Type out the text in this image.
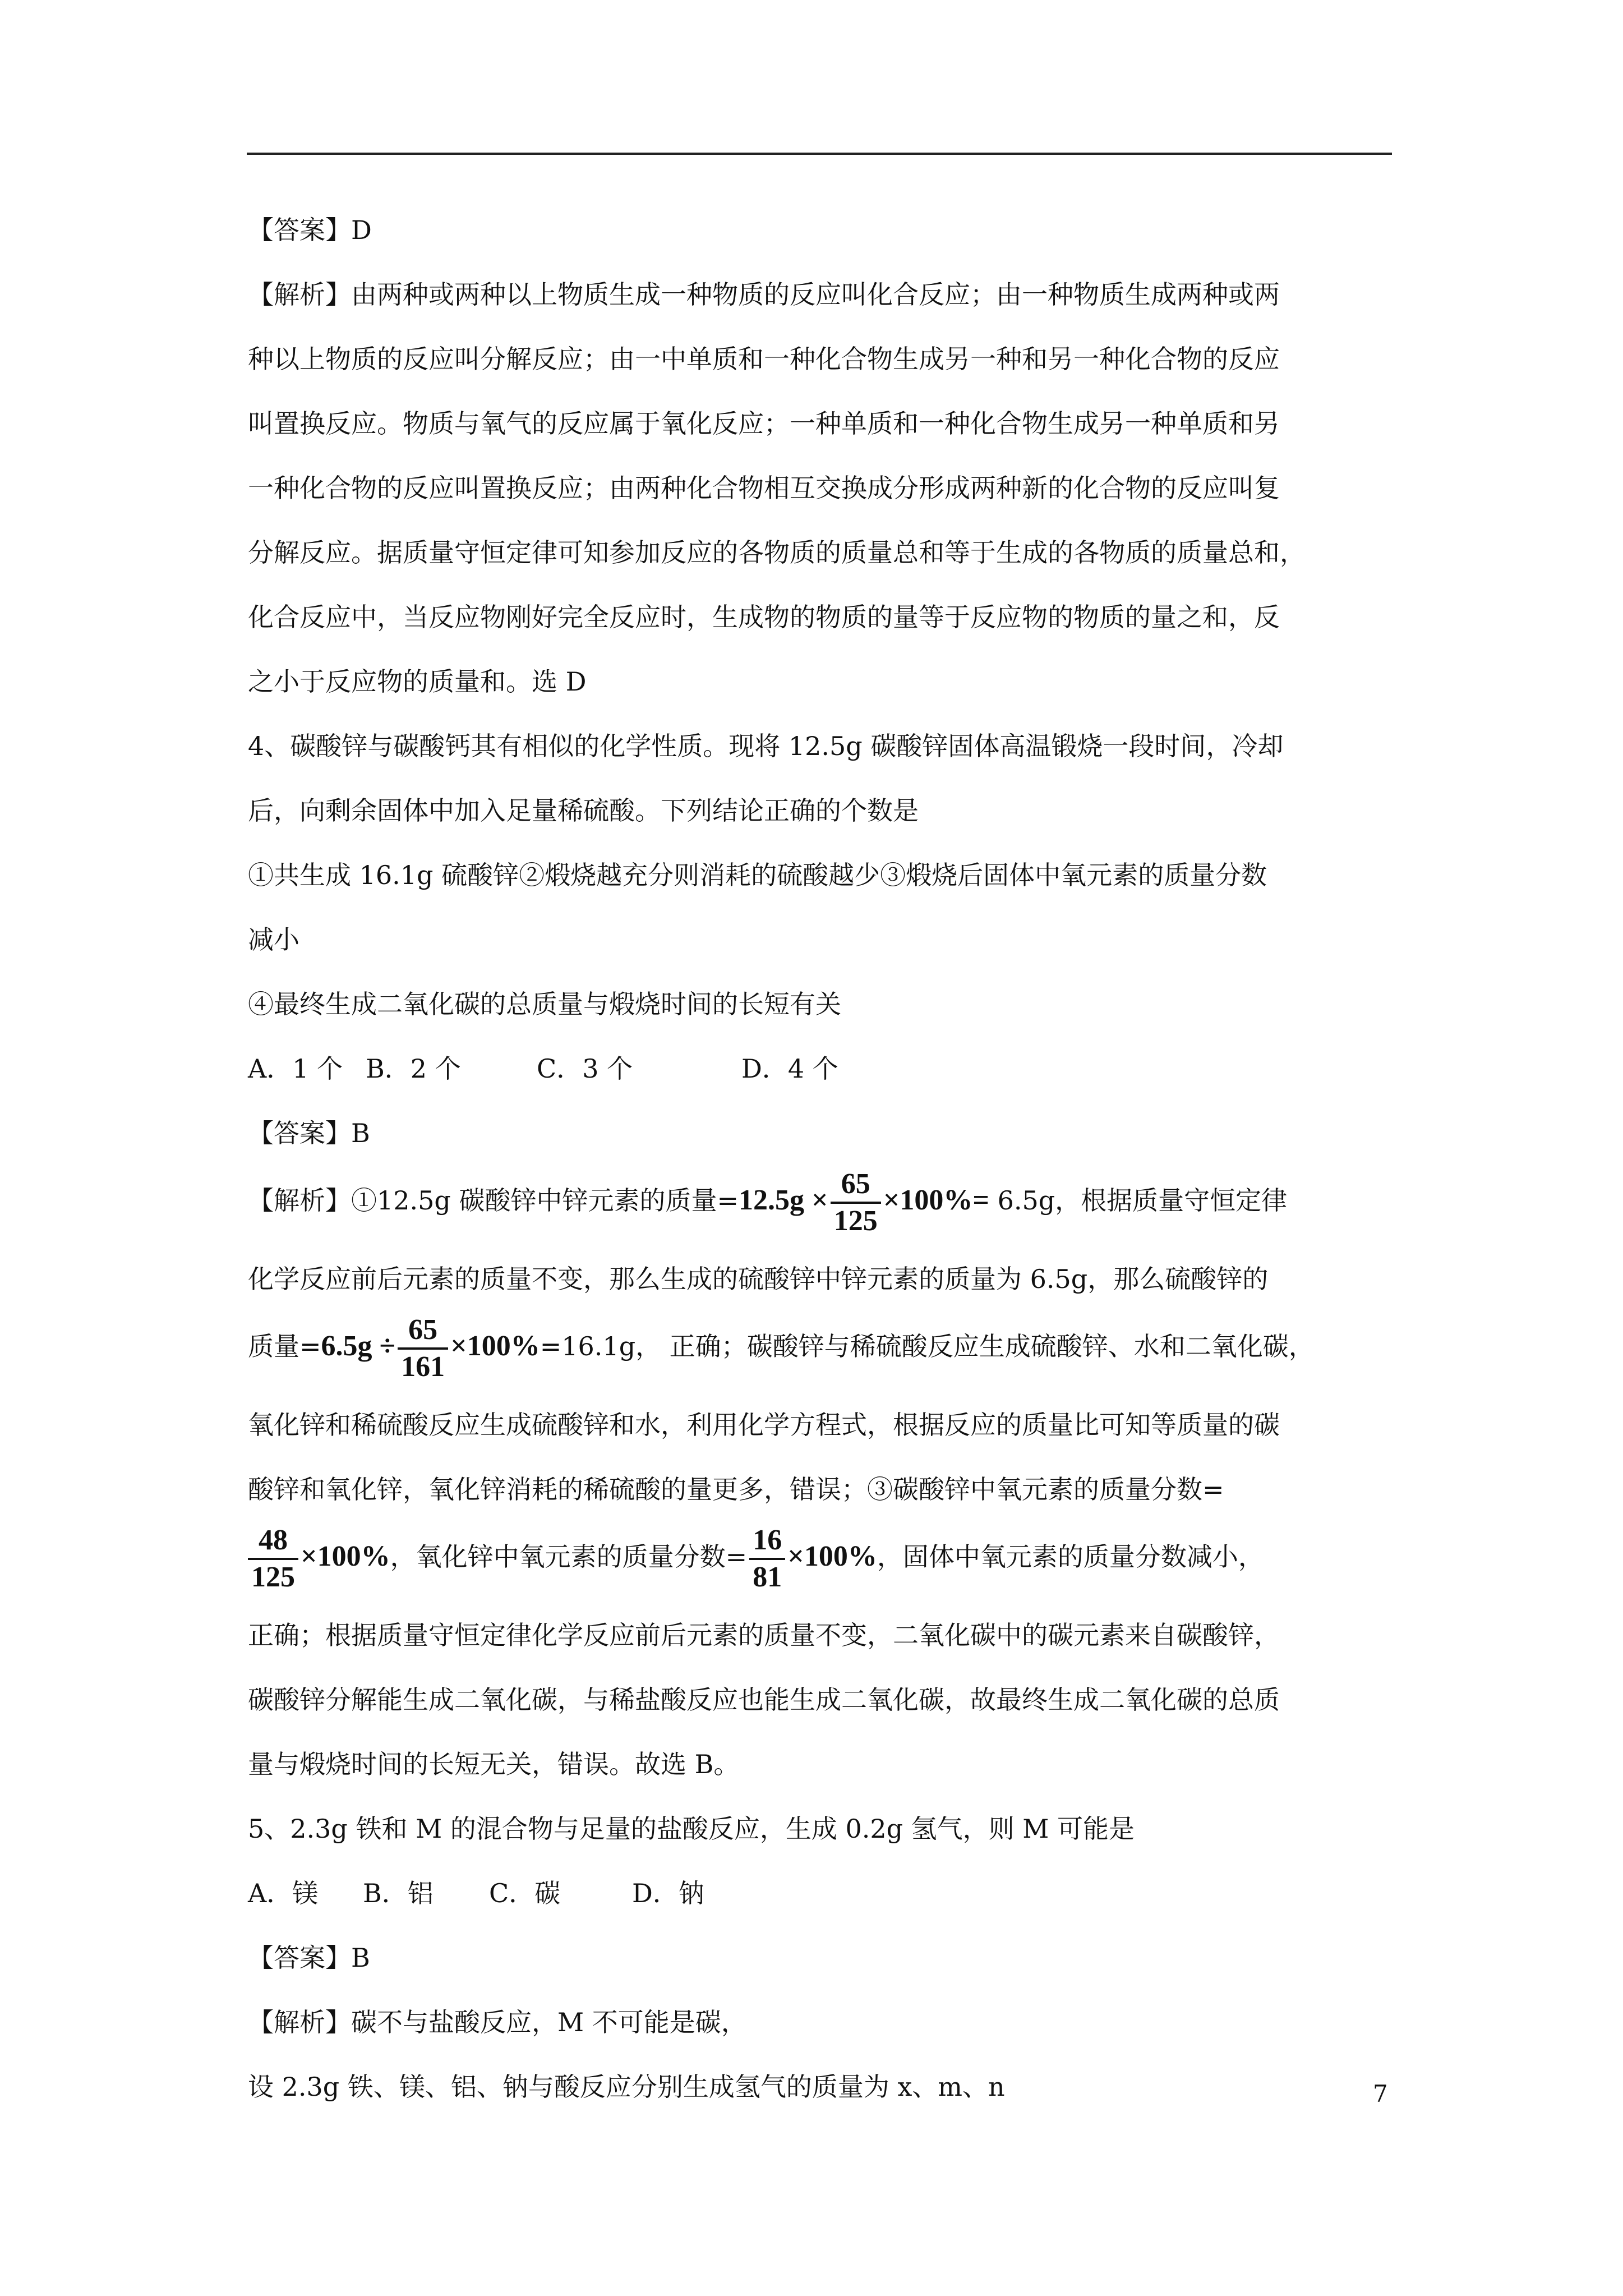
【答案】D
【解析】由两种或两种以上物质生成一种物质的反应叫化合反应；由一种物质生成两种或两
种以上物质的反应叫分解反应；由一中单质和一种化合物生成另一种和另一种化合物的反应
叫置换反应。物质与氧气的反应属于氧化反应；一种单质和一种化合物生成另一种单质和另
一种化合物的反应叫置换反应；由两种化合物相互交换成分形成两种新的化合物的反应叫复
分解反应。据质量守恒定律可知参加反应的各物质的质量总和等于生成的各物质的质量总和，
化合反应中，当反应物刚好完全反应时，生成物的物质的量等于反应物的物质的量之和，反
之小于反应物的质量和。选 D
4、碳酸锌与碳酸钙其有相似的化学性质。现将 12.5g 碳酸锌固体高温锻烧一段时间，冷却
后，向剩余固体中加入足量稀硫酸。下列结论正确的个数是
①共生成 16.1g 硫酸锌②煅烧越充分则消耗的硫酸越少③煅烧后固体中氧元素的质量分数
减小
④最终生成二氧化碳的总质量与煅烧时间的长短有关
A．1 个 B．2 个	C．3 个	D．4 个
【答案】B
【解析】①12.5g 碳酸锌中锌元素的质量$=12.5g \times \frac{65}{125} \times 100\%= 6.5g$，根据质量守恒定律
化学反应前后元素的质量不变，那么生成的硫酸锌中锌元素的质量为 6.5g，那么硫酸锌的
质量$=6.5g \div \frac{65}{161} \times 100\%=16.1g$， 正确；碳酸锌与稀硫酸反应生成硫酸锌、水和二氧化碳，
氧化锌和稀硫酸反应生成硫酸锌和水，利用化学方程式，根据反应的质量比可知等质量的碳
酸锌和氧化锌，氧化锌消耗的稀硫酸的量更多，错误；③碳酸锌中氧元素的质量分数=
$\frac{48}{125} \times 100\%$，氧化锌中氧元素的质量分数= $\frac{16}{81} \times 100\%$，固体中氧元素的质量分数减小，
正确；根据质量守恒定律化学反应前后元素的质量不变，二氧化碳中的碳元素来自碳酸锌，
碳酸锌分解能生成二氧化碳，与稀盐酸反应也能生成二氧化碳，故最终生成二氧化碳的总质
量与煅烧时间的长短无关，错误。故选 B。
5、2.3g 铁和 M 的混合物与足量的盐酸反应，生成 0.2g 氢气，则 M 可能是
A．镁 B．铝 C．碳	D．钠
【答案】B
【解析】碳不与盐酸反应，M 不可能是碳，
设 2.3g 铁、镁、铝、钠与酸反应分别生成氢气的质量为 x、m、n	7
